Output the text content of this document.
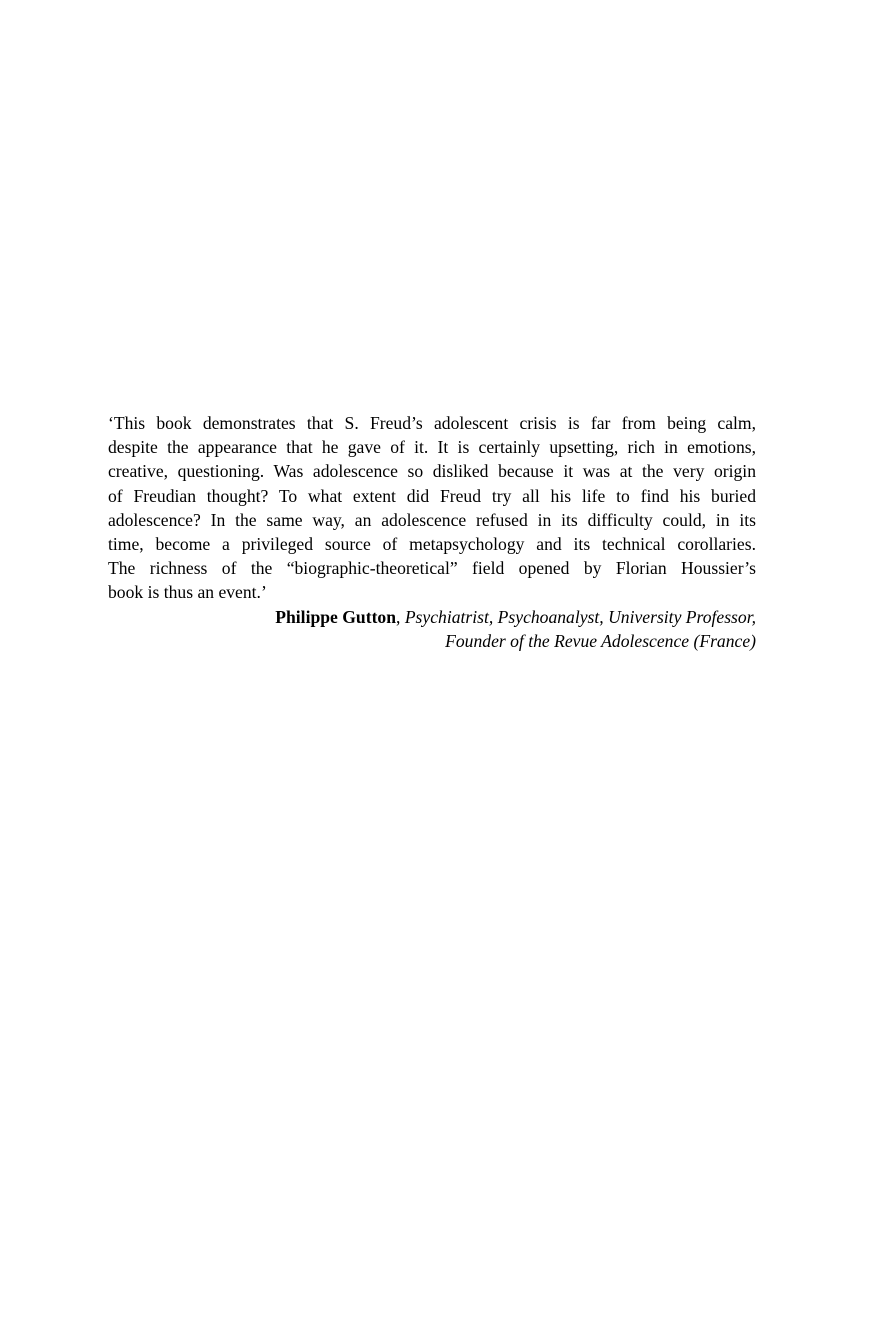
‘This book demonstrates that S. Freud’s adolescent crisis is far from being calm,
despite the appearance that he gave of it. It is certainly upsetting, rich in emotions,
creative, questioning. Was adolescence so disliked because it was at the very origin
of Freudian thought? To what extent did Freud try all his life to find his buried
adolescence? In the same way, an adolescence refused in its difficulty could, in its
time, become a privileged source of metapsychology and its technical corollaries.
The richness of the “biographic-theoretical” field opened by Florian Houssier’s
book is thus an event.’

Philippe Gutton, Psychiatrist, Psychoanalyst, University Professor,
Founder of the Revue Adolescence (France)
